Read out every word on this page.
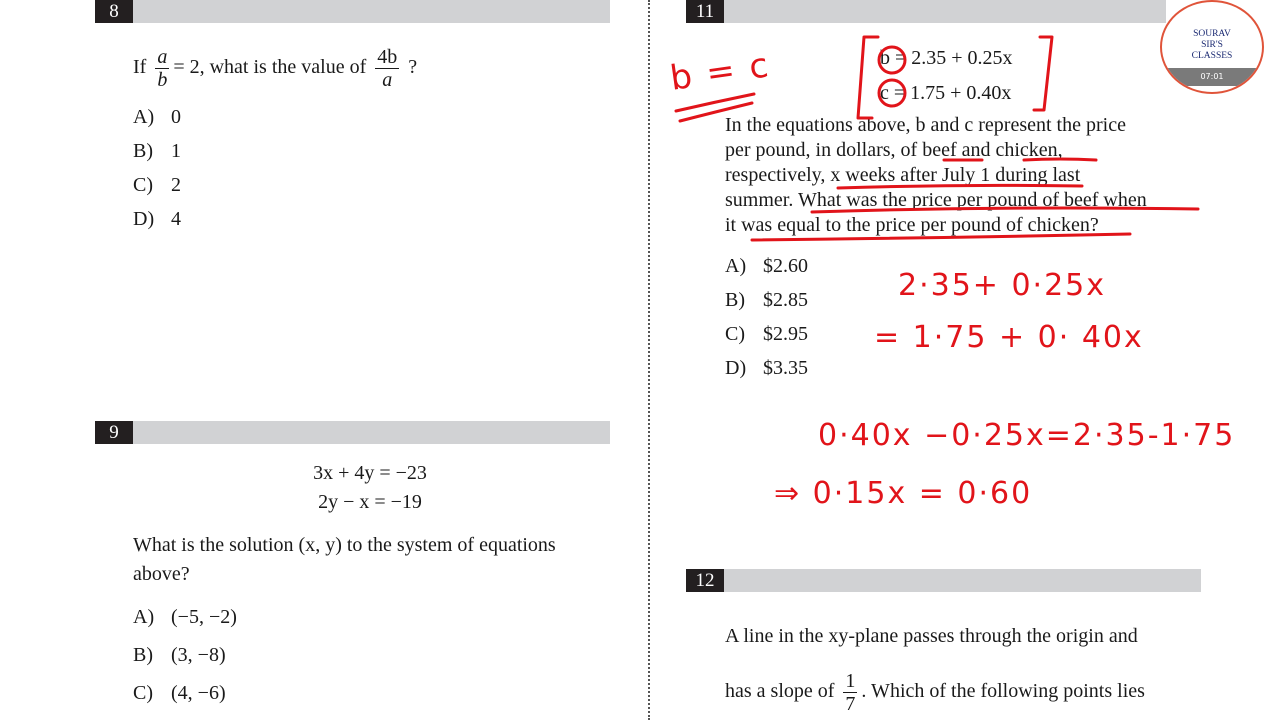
8
If $\frac{a}{b} = 2$, what is the value of $\frac{4b}{a}$ ?
A) 0
B) 1
C) 2
D) 4
9
3x + 4y = −23
2y − x = −19
What is the solution (x, y) to the system of equations
above?
A) (−5, −2)
B) (3, −8)
C) (4, −6)
11
b = 2.35 + 0.25x
c = 1.75 + 0.40x
In the equations above, b and c represent the price
per pound, in dollars, of beef and chicken,
respectively, x weeks after July 1 during last
summer. What was the price per pound of beef when
it was equal to the price per pound of chicken?
A) $2.60
B) $2.85
C) $2.95
D) $3.35
12
A line in the xy-plane passes through the origin and
has a slope of $\frac{1}{7}$ . Which of the following points lies
b = c
2·35+ 0·25x
= 1·75 + 0· 40x
0·40x −0·25x=2·35-1·75
⇒ 0·15x = 0·60
SOURAV
SIR'S
CLASSES
07:01
